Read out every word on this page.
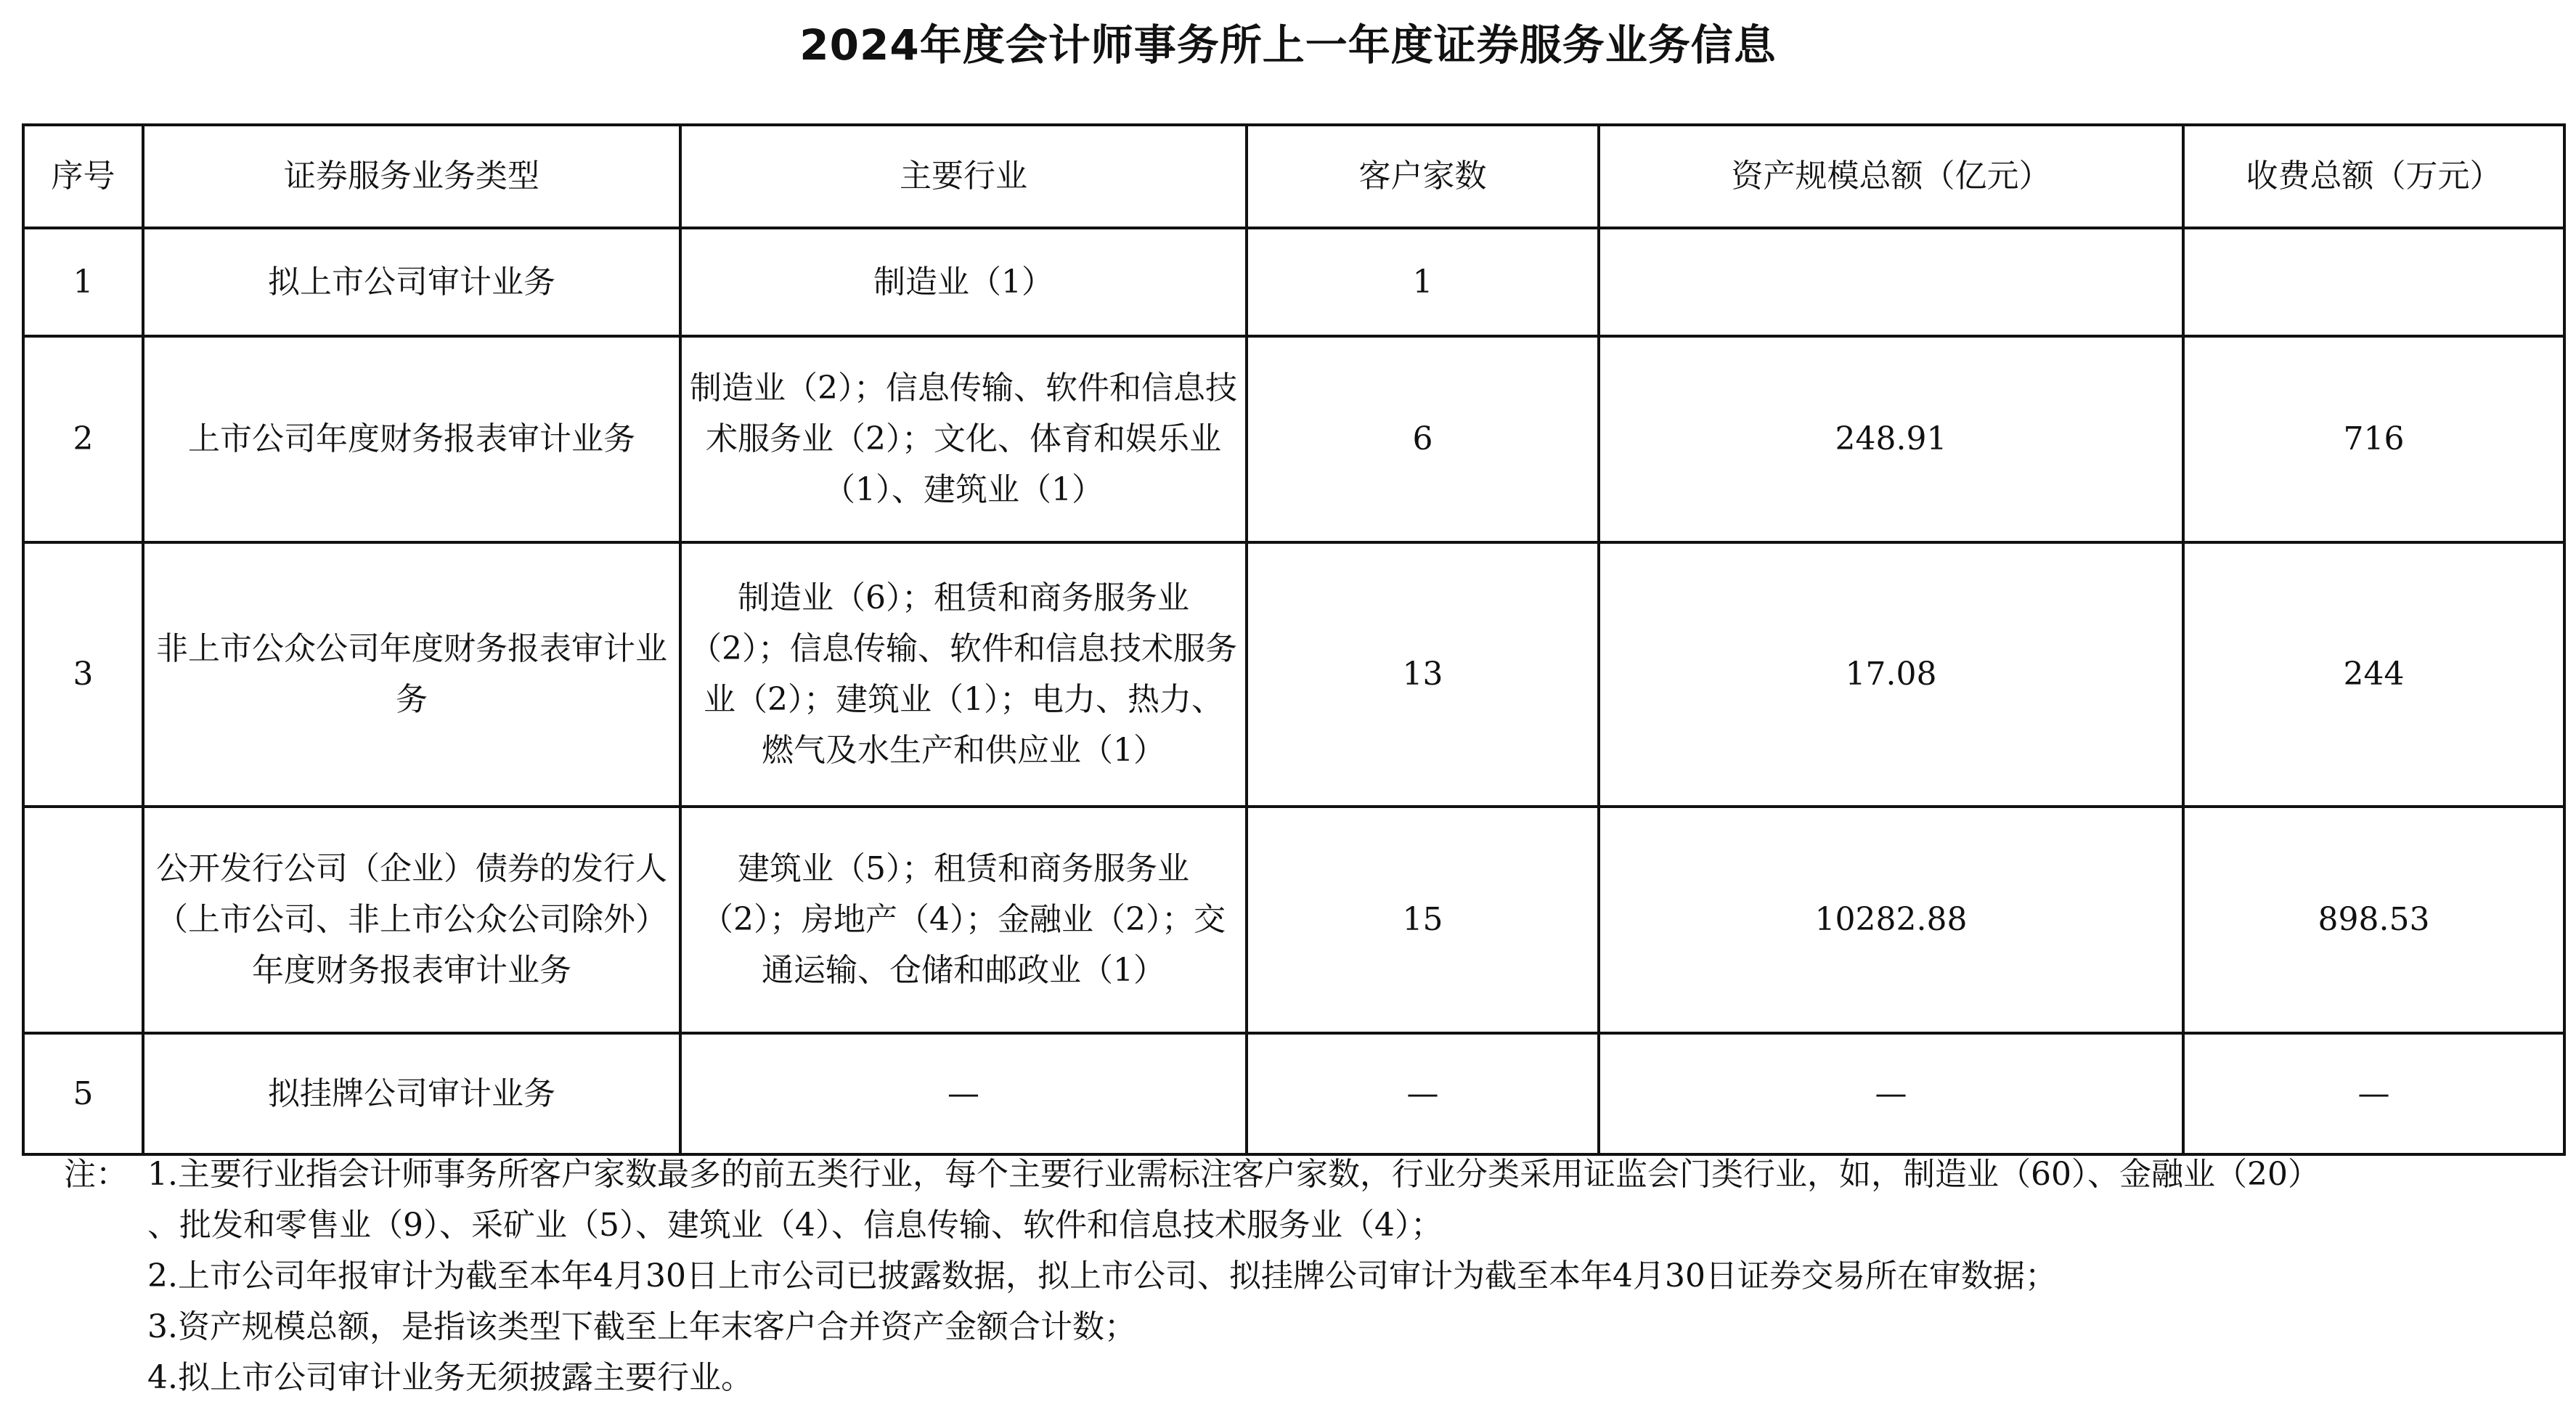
2024年度会计师事务所上一年度证券服务业务信息
序号	证券服务业务类型	主要行业	客户家数	资产规模总额（亿元）	收费总额（万元）
1	拟上市公司审计业务	制造业（1）	1		
2	上市公司年度财务报表审计业务	制造业（2）；信息传输、软件和信息技术服务业（2）；文化、体育和娱乐业（1）、建筑业（1）	6	248.91	716
3	非上市公众公司年度财务报表审计业务	制造业（6）；租赁和商务服务业（2）；信息传输、软件和信息技术服务业（2）；建筑业（1）；电力、热力、燃气及水生产和供应业（1）	13	17.08	244
	公开发行公司（企业）债券的发行人（上市公司、非上市公众公司除外）年度财务报表审计业务	建筑业（5）；租赁和商务服务业（2）；房地产（4）；金融业（2）；交通运输、仓储和邮政业（1）	15	10282.88	898.53
5	拟挂牌公司审计业务	—	—	—	—
注： 1.主要行业指会计师事务所客户家数最多的前五类行业，每个主要行业需标注客户家数，行业分类采用证监会门类行业，如，制造业（60）、金融业（20）
、批发和零售业（9）、采矿业（5）、建筑业（4）、信息传输、软件和信息技术服务业（4）；
2.上市公司年报审计为截至本年4月30日上市公司已披露数据，拟上市公司、拟挂牌公司审计为截至本年4月30日证券交易所在审数据；
3.资产规模总额，是指该类型下截至上年末客户合并资产金额合计数；
4.拟上市公司审计业务无须披露主要行业。
